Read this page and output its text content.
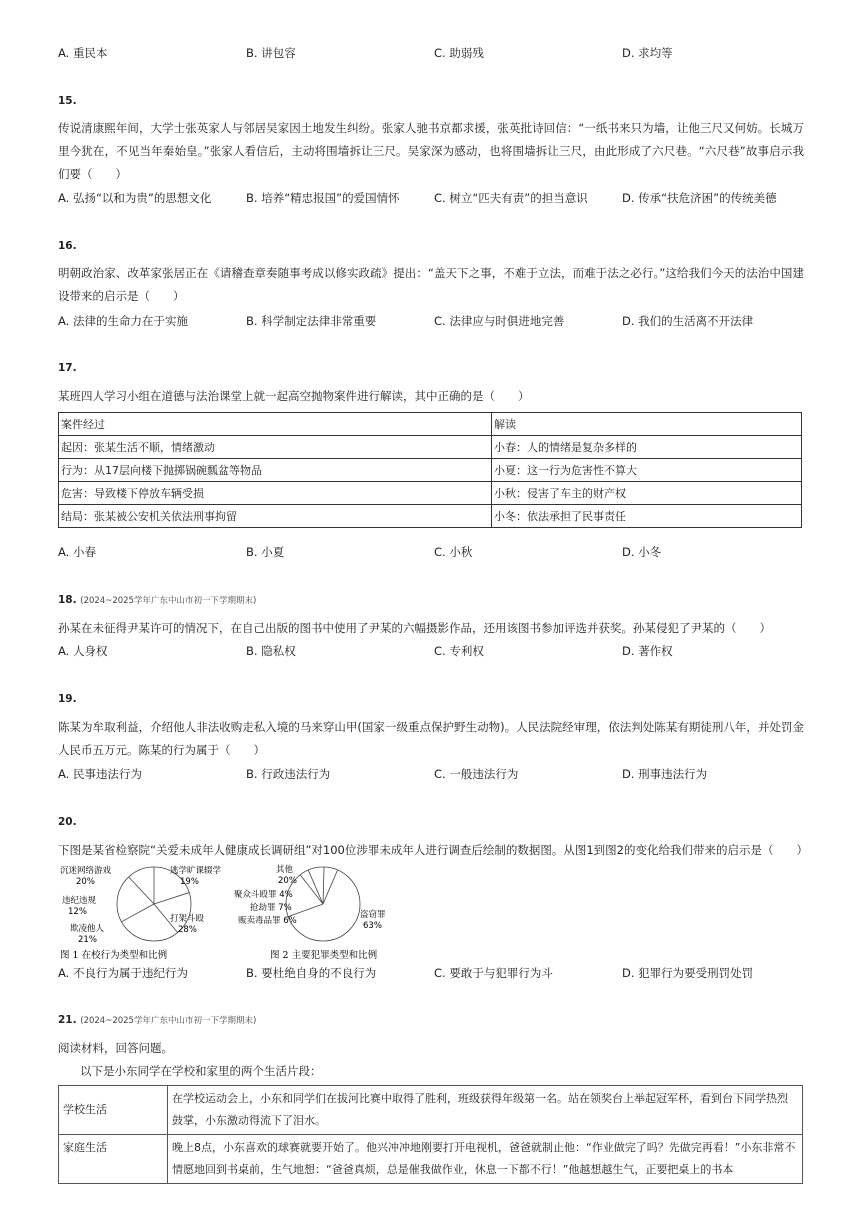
A. 重民本	B. 讲包容	C. 助弱残	D. 求均等
15.
传说清康熙年间，大学士张英家人与邻居吴家因土地发生纠纷。张家人驰书京都求援，张英批诗回信：“一纸书来只为墙，让他三尺又何妨。长城万里今犹在，不见当年秦始皇。”张家人看信后，主动将围墙拆让三尺。吴家深为感动，也将围墙拆让三尺，由此形成了六尺巷。“六尺巷”故事启示我们要（　　）
A. 弘扬“以和为贵”的思想文化	B. 培养“精忠报国”的爱国情怀	C. 树立“匹夫有责”的担当意识	D. 传承“扶危济困”的传统美德
16.
明朝政治家、改革家张居正在《请稽查章奏随事考成以修实政疏》提出：“盖天下之事，不难于立法，而难于法之必行。”这给我们今天的法治中国建设带来的启示是（　　）
A. 法律的生命力在于实施	B. 科学制定法律非常重要	C. 法律应与时俱进地完善	D. 我们的生活离不开法律
17.
某班四人学习小组在道德与法治课堂上就一起高空抛物案件进行解读，其中正确的是（　　）
案件经过	解读
起因：张某生活不顺，情绪激动	小春：人的情绪是复杂多样的
行为：从17层向楼下抛掷锅碗瓢盆等物品	小夏：这一行为危害性不算大
危害：导致楼下停放车辆受损	小秋：侵害了车主的财产权
结局：张某被公安机关依法刑事拘留	小冬：依法承担了民事责任
A. 小春	B. 小夏	C. 小秋	D. 小冬
18. (2024~2025学年广东中山市初一下学期期末)
孙某在未征得尹某许可的情况下，在自己出版的图书中使用了尹某的六幅摄影作品，还用该图书参加评选并获奖。孙某侵犯了尹某的（　　）
A. 人身权	B. 隐私权	C. 专利权	D. 著作权
19.
陈某为牟取利益，介绍他人非法收购走私入境的马来穿山甲(国家一级重点保护野生动物)。人民法院经审理，依法判处陈某有期徒刑八年，并处罚金人民币五万元。陈某的行为属于（　　）
A. 民事违法行为	B. 行政违法行为	C. 一般违法行为	D. 刑事违法行为
20.
下图是某省检察院“关爱未成年人健康成长调研组”对100位涉罪未成年人进行调查后绘制的数据图。从图1到图2的变化给我们带来的启示是（　　）
沉迷网络游戏
20%
逃学旷课辍学
19%
违纪违规
12%
打架斗殴
28%
欺凌他人
21%
图 1 在校行为类型和比例
其他
20%
聚众斗殴罪 4%
抢劫罪 7%
贩卖毒品罪 6%
盗窃罪
63%
图 2 主要犯罪类型和比例
A. 不良行为属于违纪行为	B. 要杜绝自身的不良行为	C. 要敢于与犯罪行为斗	D. 犯罪行为要受刑罚处罚
21. (2024~2025学年广东中山市初一下学期期末)
阅读材料，回答问题。
以下是小东同学在学校和家里的两个生活片段：
学校生活	在学校运动会上，小东和同学们在拔河比赛中取得了胜利，班级获得年级第一名。站在领奖台上举起冠军杯，看到台下同学热烈鼓掌，小东激动得流下了泪水。
家庭生活	晚上8点，小东喜欢的球赛就要开始了。他兴冲冲地刚要打开电视机，爸爸就制止他：“作业做完了吗？先做完再看！”小东非常不情愿地回到书桌前，生气地想：“爸爸真烦，总是催我做作业，休息一下都不行！”他越想越生气，正要把桌上的书本
